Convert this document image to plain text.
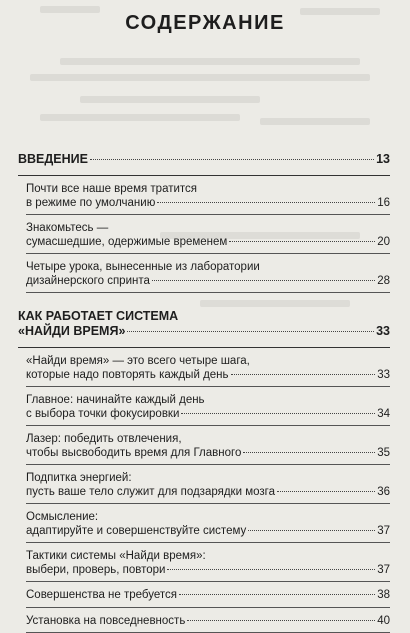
СОДЕРЖАНИЕ
ВВЕДЕНИЕ	13
Почти все наше время тратится
в режиме по умолчанию	16
Знакомьтесь —
сумасшедшие, одержимые временем	20
Четыре урока, вынесенные из лаборатории
дизайнерского спринта	28
КАК РАБОТАЕТ СИСТЕМА
«НАЙДИ ВРЕМЯ»	33
«Найди время» — это всего четыре шага,
которые надо повторять каждый день	33
Главное: начинайте каждый день
с выбора точки фокусировки	34
Лазер: победить отвлечения,
чтобы высвободить время для Главного	35
Подпитка энергией:
пусть ваше тело служит для подзарядки мозга	36
Осмысление:
адаптируйте и совершенствуйте систему	37
Тактики системы «Найди время»:
выбери, проверь, повтори	37
Совершенства не требуется	38
Установка на повседневность	40
